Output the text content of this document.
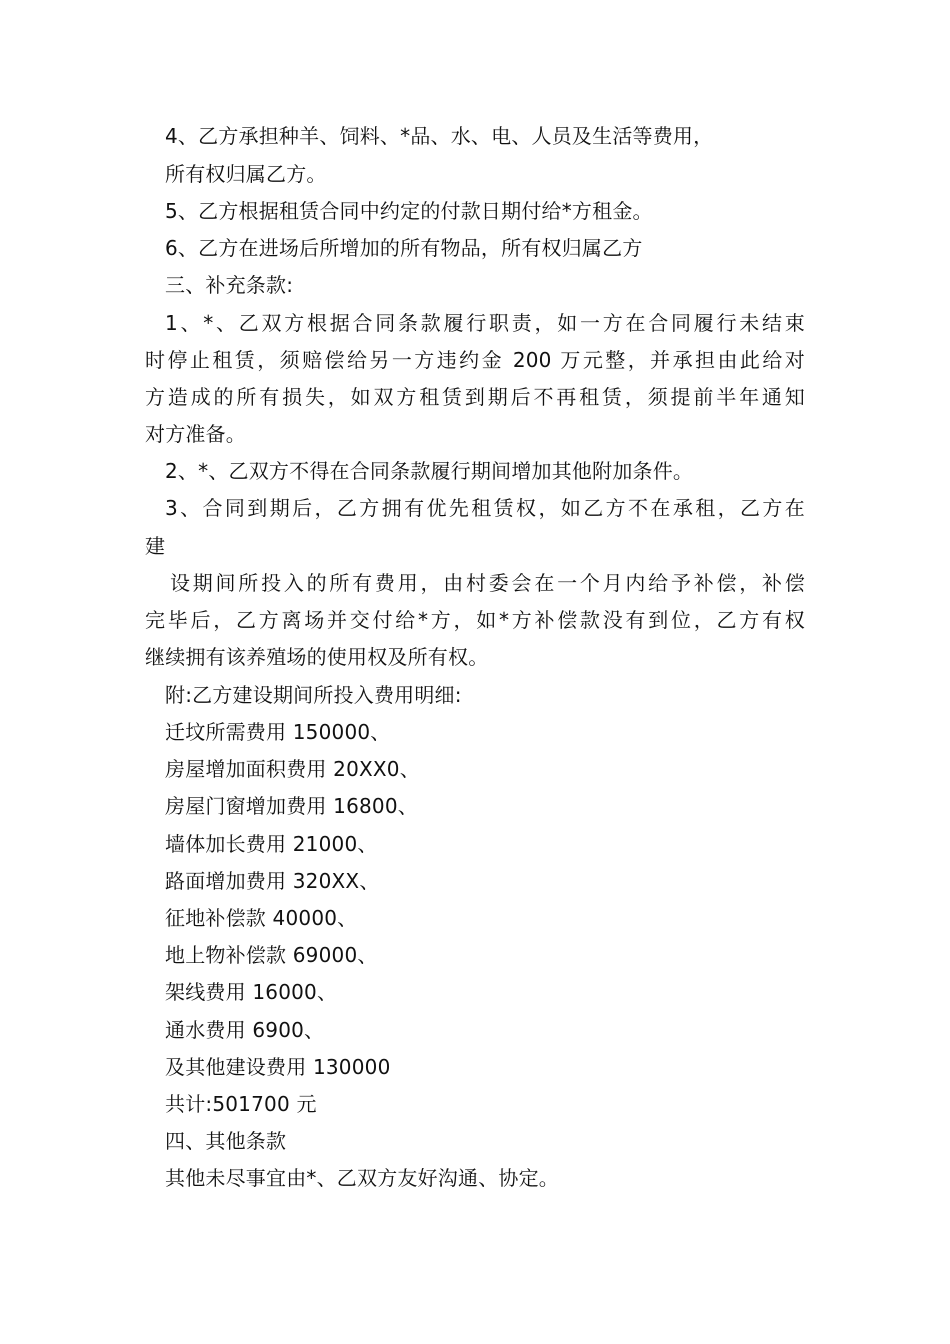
4、乙方承担种羊、饲料、*品、水、电、人员及生活等费用，
所有权归属乙方。
5、乙方根据租赁合同中约定的付款日期付给*方租金。
6、乙方在进场后所增加的所有物品，所有权归属乙方
三、补充条款:
1、*、乙双方根据合同条款履行职责，如一方在合同履行未结束
时停止租赁，须赔偿给另一方违约金 200 万元整，并承担由此给对
方造成的所有损失，如双方租赁到期后不再租赁，须提前半年通知
对方准备。
2、*、乙双方不得在合同条款履行期间增加其他附加条件。
3、合同到期后，乙方拥有优先租赁权，如乙方不在承租，乙方在
建
设期间所投入的所有费用，由村委会在一个月内给予补偿，补偿
完毕后，乙方离场并交付给*方，如*方补偿款没有到位，乙方有权
继续拥有该养殖场的使用权及所有权。
附:乙方建设期间所投入费用明细:
迁坟所需费用 150000、
房屋增加面积费用 20XX0、
房屋门窗增加费用 16800、
墙体加长费用 21000、
路面增加费用 320XX、
征地补偿款 40000、
地上物补偿款 69000、
架线费用 16000、
通水费用 6900、
及其他建设费用 130000
共计:501700 元
四、其他条款
其他未尽事宜由*、乙双方友好沟通、协定。
